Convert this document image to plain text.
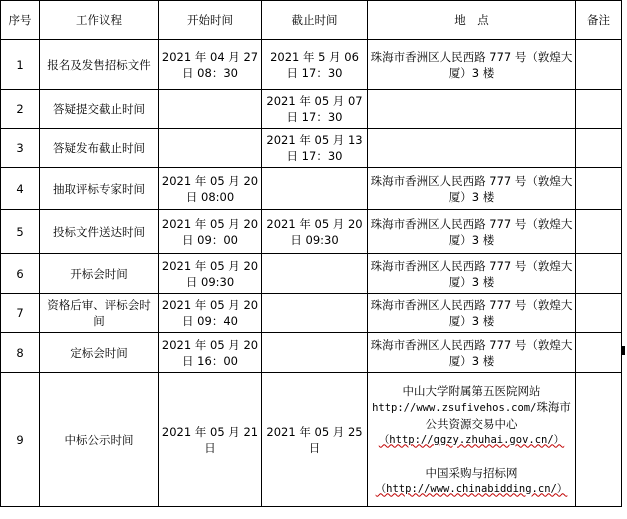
序号	工作议程	开始时间	截止时间	地　点	备注
1	报名及发售招标文件	2021 年 04 月 27 日 08：30	2021 年 5 月 06 日 17：30	珠海市香洲区人民西路 777 号（敦煌大厦）3 楼	
2	答疑提交截止时间		2021 年 05 月 07 日 17：30		
3	答疑发布截止时间		2021 年 05 月 13 日 17：30		
4	抽取评标专家时间	2021 年 05 月 20 日 08:00		珠海市香洲区人民西路 777 号（敦煌大厦）3 楼	
5	投标文件送达时间	2021 年 05 月 20 日 09：00	2021 年 05 月 20 日 09:30	珠海市香洲区人民西路 777 号（敦煌大厦）3 楼	
6	开标会时间	2021 年 05 月 20 日 09:30		珠海市香洲区人民西路 777 号（敦煌大厦）3 楼	
7	资格后审、评标会时间	2021 年 05 月 20 日 09：40		珠海市香洲区人民西路 777 号（敦煌大厦）3 楼	
8	定标会时间	2021 年 05 月 20 日 16：00		珠海市香洲区人民西路 777 号（敦煌大厦）3 楼	
9	中标公示时间	2021 年 05 月 21 日	2021 年 05 月 25 日	中山大学附属第五医院网站
http://www.zsufivehos.com/珠海市公共资源交易中心
（http://ggzy.zhuhai.gov.cn/）
中国采购与招标网
（http://www.chinabidding.cn/）	
